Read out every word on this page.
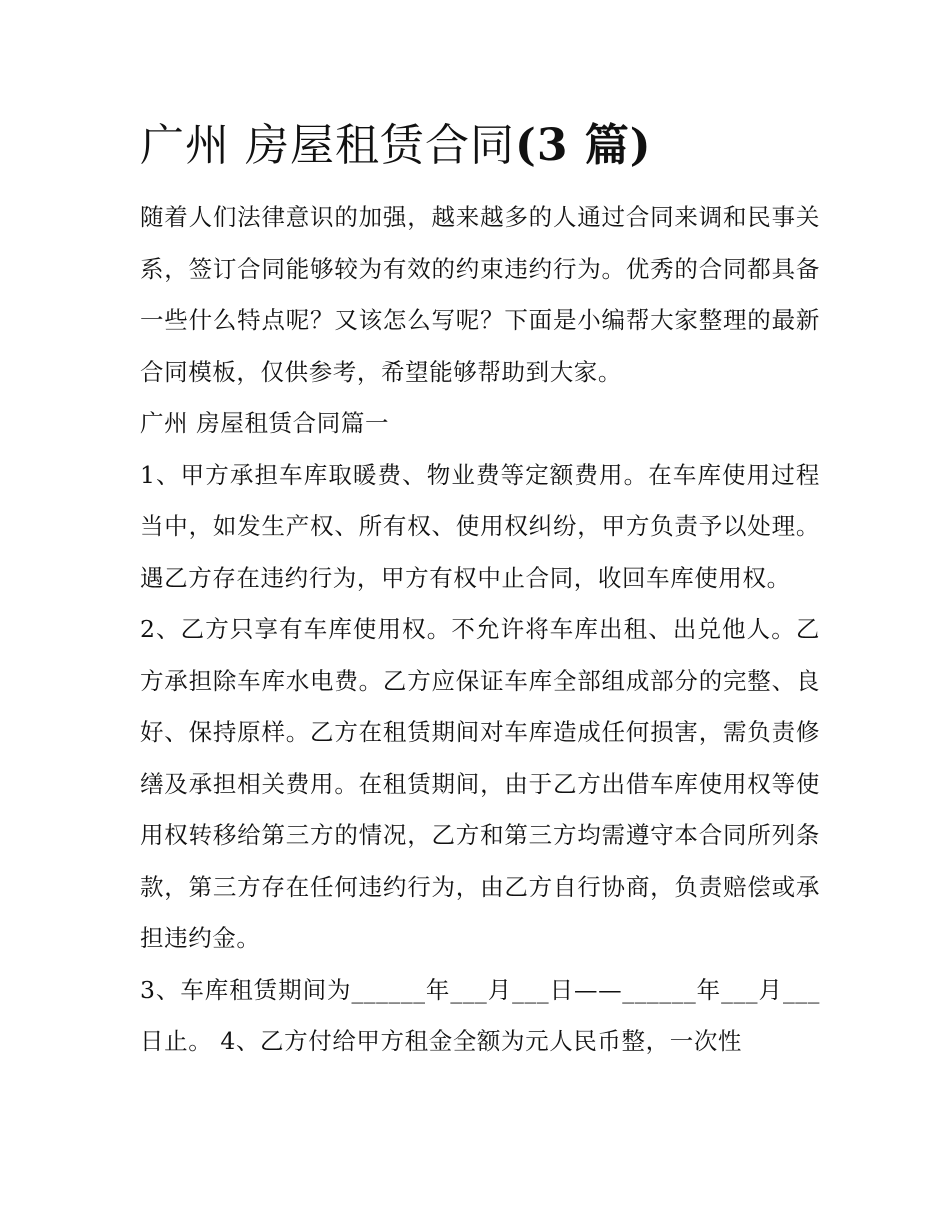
广州 房屋租赁合同(3 篇)

随着人们法律意识的加强，越来越多的人通过合同来调和民事关系，签订合同能够较为有效的约束违约行为。优秀的合同都具备一些什么特点呢？又该怎么写呢？下面是小编帮大家整理的最新合同模板，仅供参考，希望能够帮助到大家。

广州 房屋租赁合同篇一

1、甲方承担车库取暖费、物业费等定额费用。在车库使用过程当中，如发生产权、所有权、使用权纠纷，甲方负责予以处理。遇乙方存在违约行为，甲方有权中止合同，收回车库使用权。

2、乙方只享有车库使用权。不允许将车库出租、出兑他人。乙方承担除车库水电费。乙方应保证车库全部组成部分的完整、良好、保持原样。乙方在租赁期间对车库造成任何损害，需负责修缮及承担相关费用。在租赁期间，由于乙方出借车库使用权等使用权转移给第三方的情况，乙方和第三方均需遵守本合同所列条款，第三方存在任何违约行为，由乙方自行协商，负责赔偿或承担违约金。

3、车库租赁期间为______年___月___日——______年___月___日止。 4、乙方付给甲方租金全额为元人民币整，一次性
